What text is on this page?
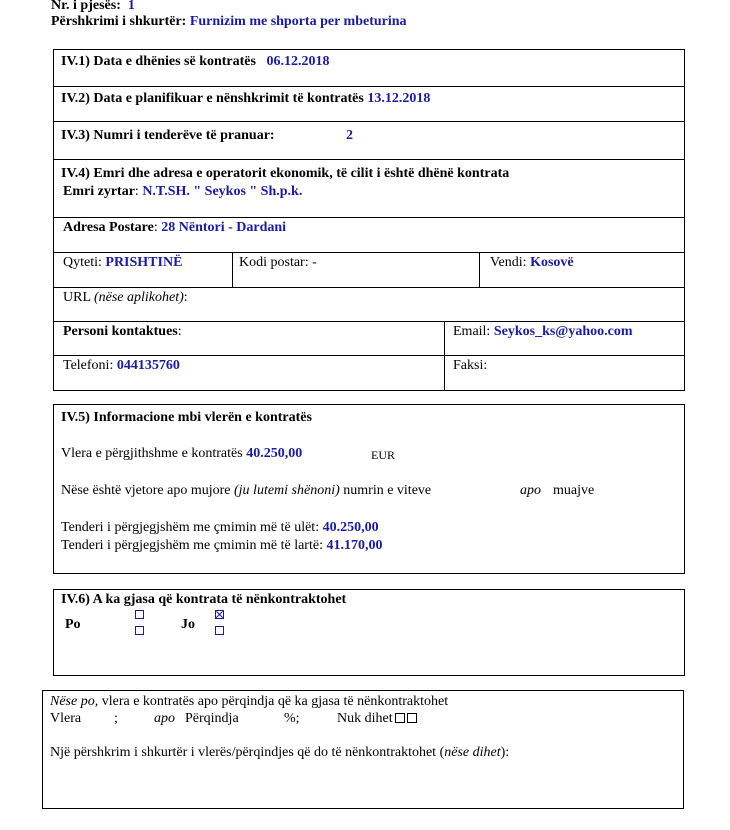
Nr. i pjesës:  1
Përshkrimi i shkurtër: Furnizim me shporta per mbeturina
IV.1) Data e dhënies së kontratës 06.12.2018
IV.2) Data e planifikuar e nënshkrimit të kontratës 13.12.2018
IV.3) Numri i tenderëve të pranuar:	2
IV.4) Emri dhe adresa e operatorit ekonomik, të cilit i është dhënë kontrata
Emri zyrtar: N.T.SH. " Seykos " Sh.p.k.
Adresa Postare: 28 Nëntori - Dardani
Qyteti: PRISHTINË	Kodi postar: -	Vendi: Kosovë
URL (nëse aplikohet):
Personi kontaktues:	Email: Seykos_ks@yahoo.com
Telefoni: 044135760	Faksi:
IV.5) Informacione mbi vlerën e kontratës
Vlera e përgjithshme e kontratës 40.250,00	EUR
Nëse është vjetore apo mujore (ju lutemi shënoni) numrin e viteve	apo muajve
Tenderi i përgjegjshëm me çmimin më të ulët: 40.250,00
Tenderi i përgjegjshëm me çmimin më të lartë: 41.170,00
IV.6) A ka gjasa që kontrata të nënkontraktohet
Po	Jo
Nëse po, vlera e kontratës apo përqindja që ka gjasa të nënkontraktohet
Vlera ;	apo Përqindja	%;	Nuk dihet
Një përshkrim i shkurtër i vlerës/përqindjes që do të nënkontraktohet (nëse dihet):
